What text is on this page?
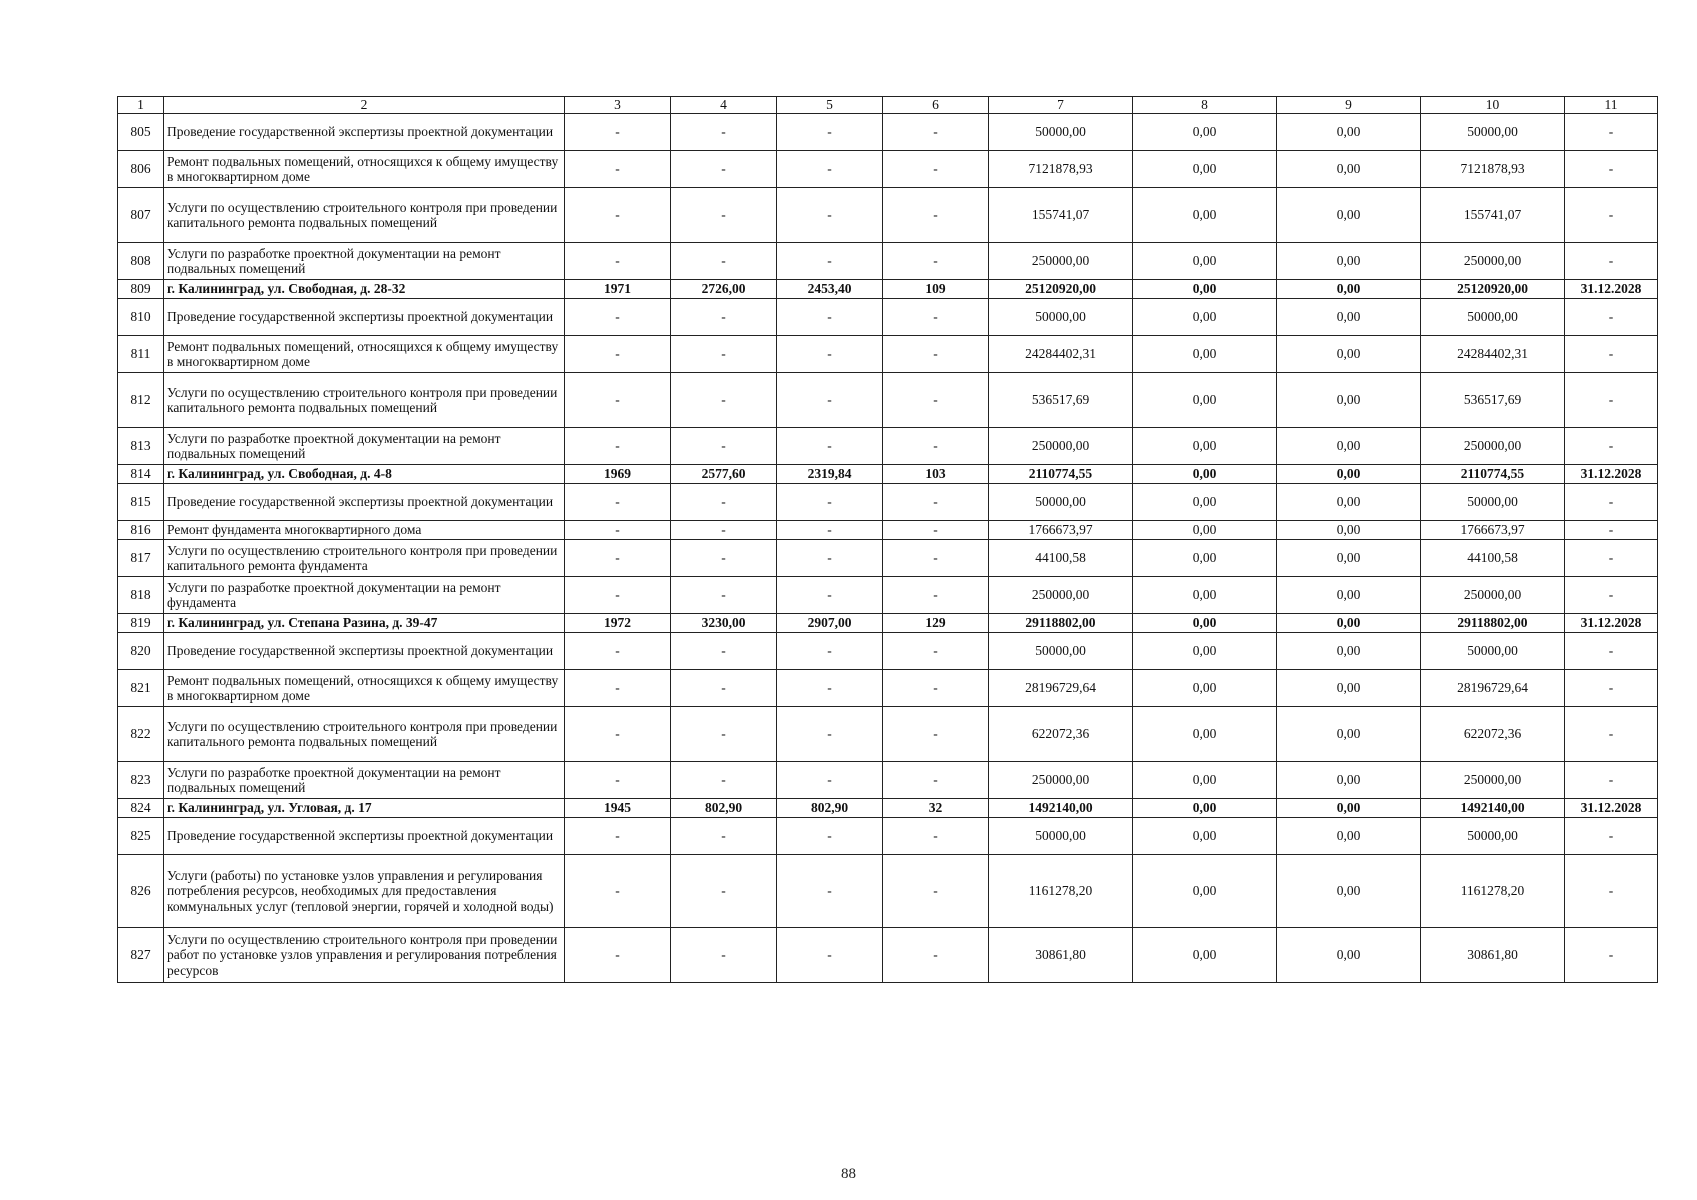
1	2	3	4	5	6	7	8	9	10	11
805	Проведение государственной экспертизы проектной документации	-	-	-	-	50000,00	0,00	0,00	50000,00	-
806	Ремонт подвальных помещений, относящихся к общему имуществу в многоквартирном доме	-	-	-	-	7121878,93	0,00	0,00	7121878,93	-
807	Услуги по осуществлению строительного контроля при проведении капитального ремонта подвальных помещений	-	-	-	-	155741,07	0,00	0,00	155741,07	-
808	Услуги по разработке проектной документации на ремонт подвальных помещений	-	-	-	-	250000,00	0,00	0,00	250000,00	-
809	г. Калининград, ул. Свободная, д. 28-32	1971	2726,00	2453,40	109	25120920,00	0,00	0,00	25120920,00	31.12.2028
810	Проведение государственной экспертизы проектной документации	-	-	-	-	50000,00	0,00	0,00	50000,00	-
811	Ремонт подвальных помещений, относящихся к общему имуществу в многоквартирном доме	-	-	-	-	24284402,31	0,00	0,00	24284402,31	-
812	Услуги по осуществлению строительного контроля при проведении капитального ремонта подвальных помещений	-	-	-	-	536517,69	0,00	0,00	536517,69	-
813	Услуги по разработке проектной документации на ремонт подвальных помещений	-	-	-	-	250000,00	0,00	0,00	250000,00	-
814	г. Калининград, ул. Свободная, д. 4-8	1969	2577,60	2319,84	103	2110774,55	0,00	0,00	2110774,55	31.12.2028
815	Проведение государственной экспертизы проектной документации	-	-	-	-	50000,00	0,00	0,00	50000,00	-
816	Ремонт фундамента многоквартирного дома	-	-	-	-	1766673,97	0,00	0,00	1766673,97	-
817	Услуги по осуществлению строительного контроля при проведении капитального ремонта фундамента	-	-	-	-	44100,58	0,00	0,00	44100,58	-
818	Услуги по разработке проектной документации на ремонт фундамента	-	-	-	-	250000,00	0,00	0,00	250000,00	-
819	г. Калининград, ул. Степана Разина, д. 39-47	1972	3230,00	2907,00	129	29118802,00	0,00	0,00	29118802,00	31.12.2028
820	Проведение государственной экспертизы проектной документации	-	-	-	-	50000,00	0,00	0,00	50000,00	-
821	Ремонт подвальных помещений, относящихся к общему имуществу в многоквартирном доме	-	-	-	-	28196729,64	0,00	0,00	28196729,64	-
822	Услуги по осуществлению строительного контроля при проведении капитального ремонта подвальных помещений	-	-	-	-	622072,36	0,00	0,00	622072,36	-
823	Услуги по разработке проектной документации на ремонт подвальных помещений	-	-	-	-	250000,00	0,00	0,00	250000,00	-
824	г. Калининград, ул. Угловая, д. 17	1945	802,90	802,90	32	1492140,00	0,00	0,00	1492140,00	31.12.2028
825	Проведение государственной экспертизы проектной документации	-	-	-	-	50000,00	0,00	0,00	50000,00	-
826	Услуги (работы) по установке узлов управления и регулирования потребления ресурсов, необходимых для предоставления коммунальных услуг (тепловой энергии, горячей и холодной воды)	-	-	-	-	1161278,20	0,00	0,00	1161278,20	-
827	Услуги по осуществлению строительного контроля при проведении работ по установке узлов управления и регулирования потребления ресурсов	-	-	-	-	30861,80	0,00	0,00	30861,80	-
88
